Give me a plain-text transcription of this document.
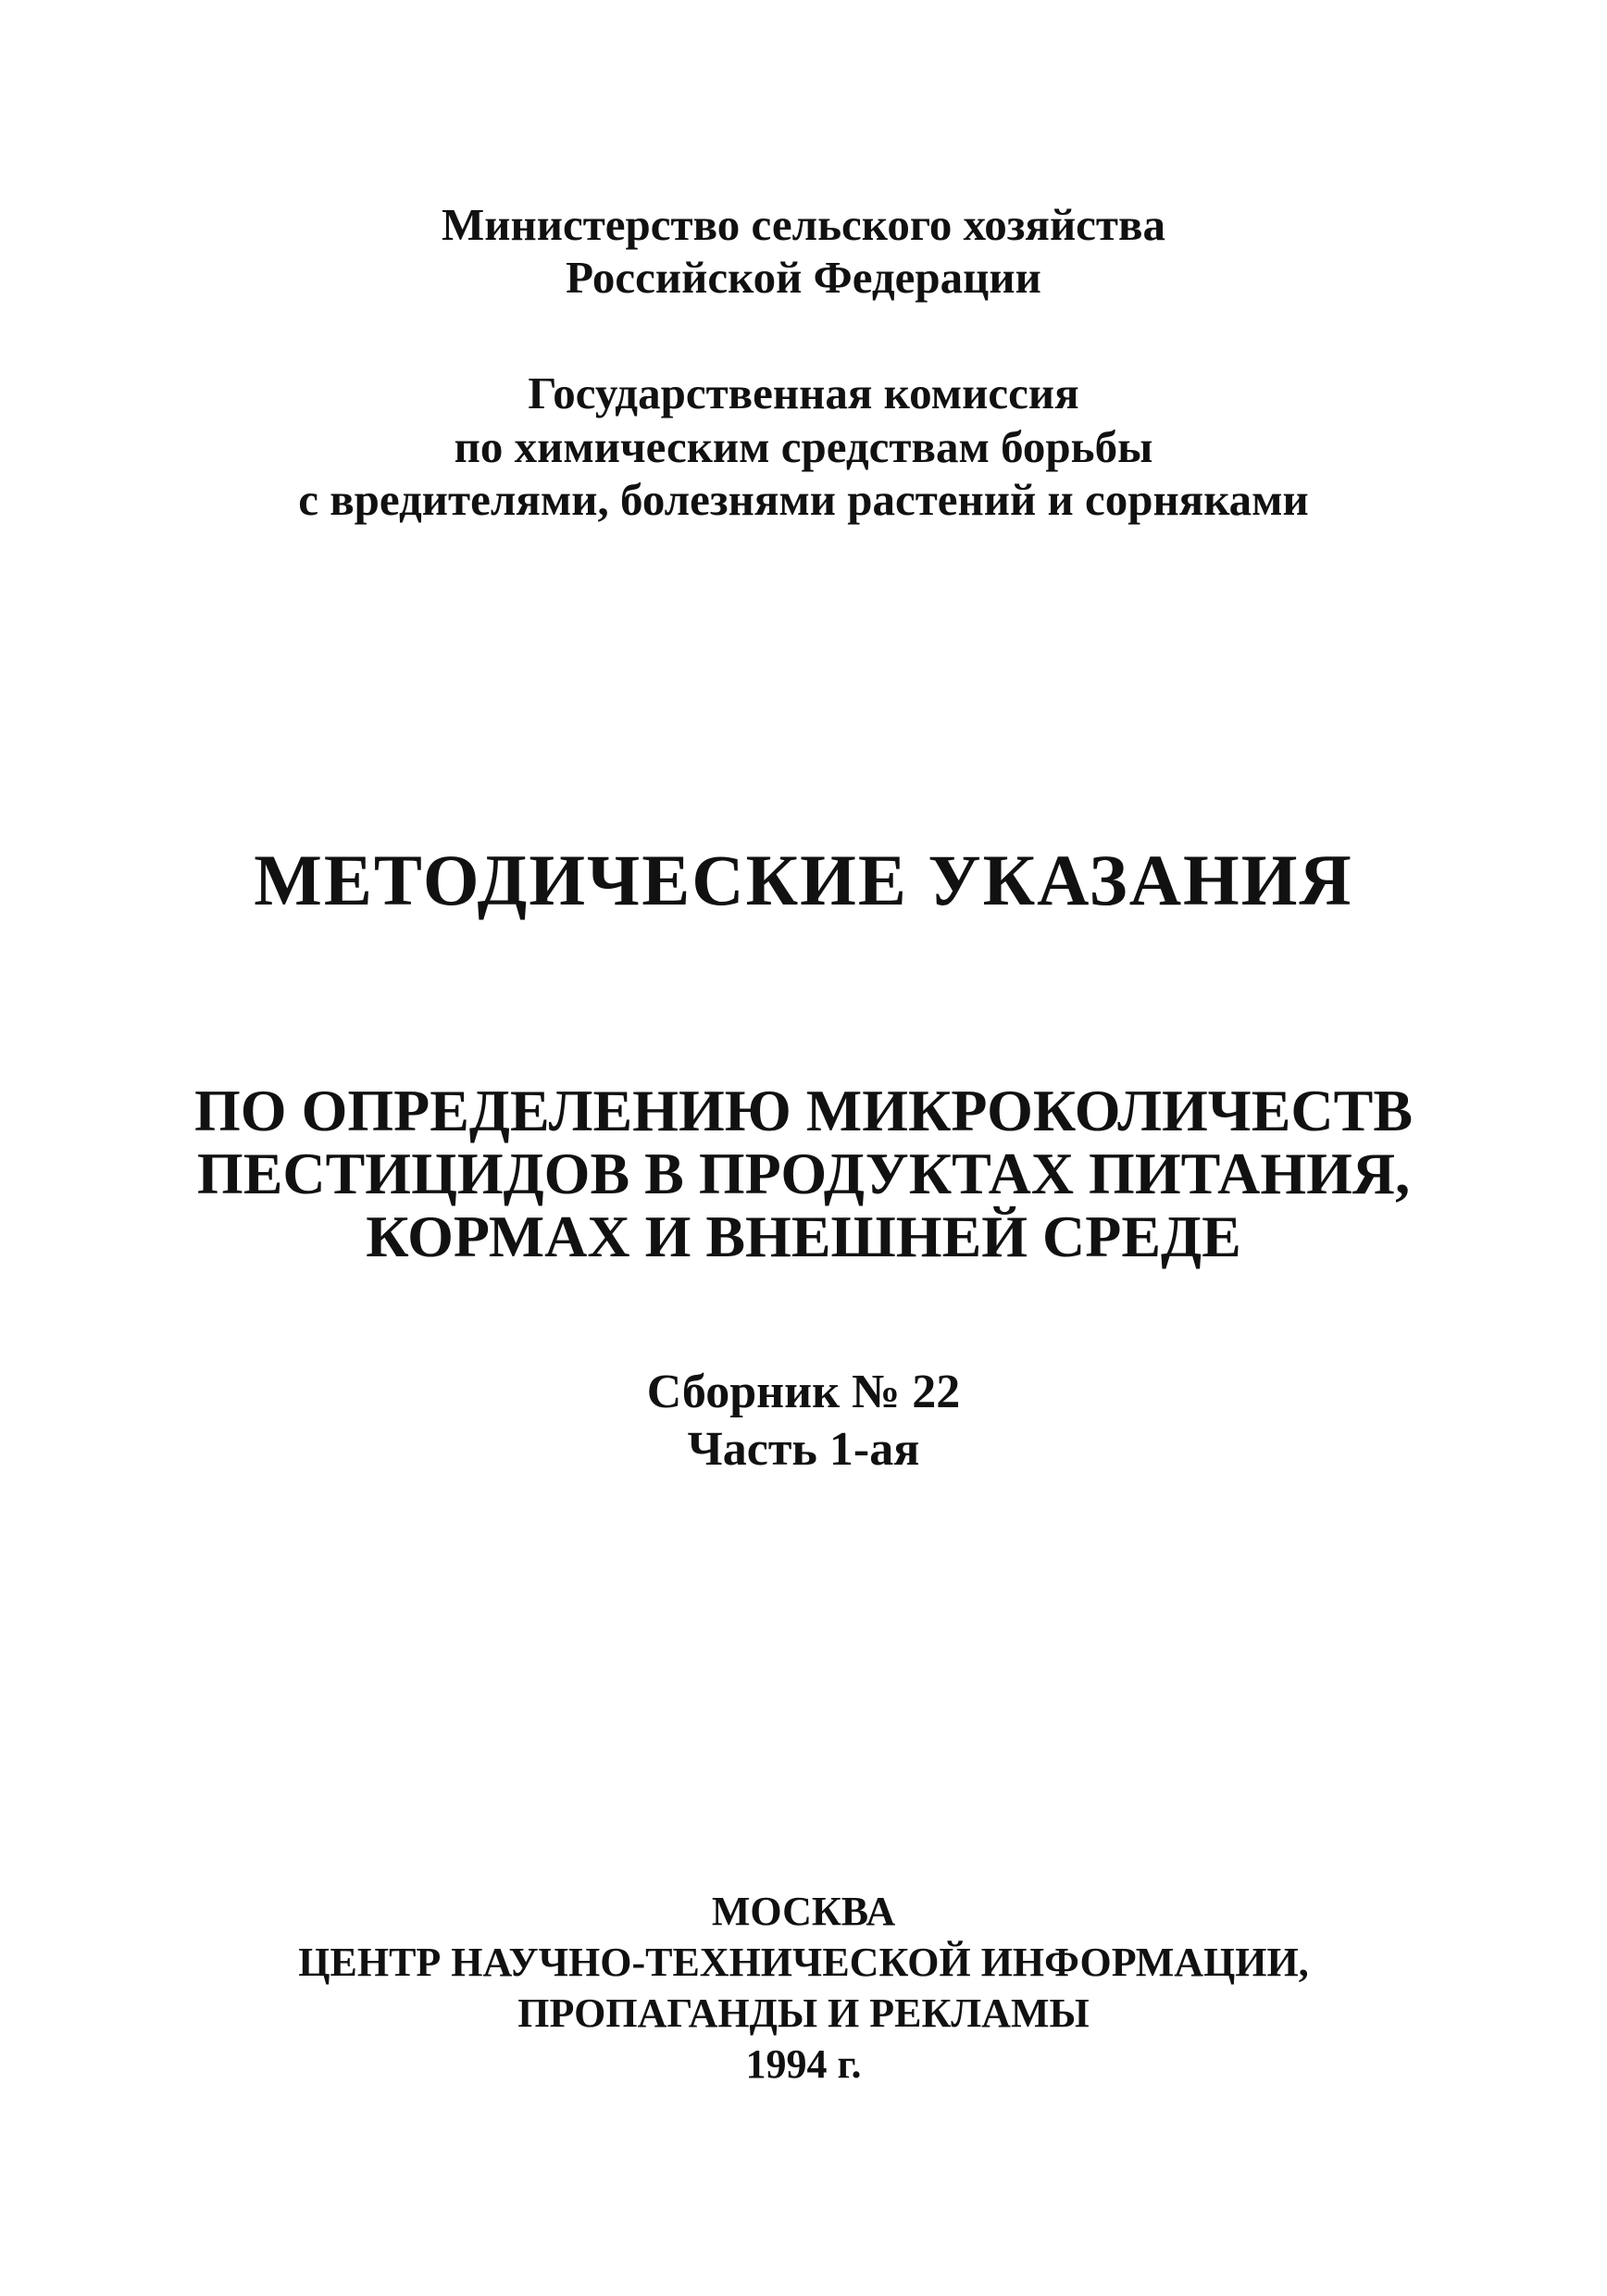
Министерство сельского хозяйства
Российской Федерации
Государственная комиссия
по химическим средствам борьбы
с вредителями, болезнями растений и сорняками
МЕТОДИЧЕСКИЕ УКАЗАНИЯ
ПО ОПРЕДЕЛЕНИЮ МИКРОКОЛИЧЕСТВ
ПЕСТИЦИДОВ В ПРОДУКТАХ ПИТАНИЯ,
КОРМАХ И ВНЕШНЕЙ СРЕДЕ
Сборник № 22
Часть 1-ая
МОСКВА
ЦЕНТР НАУЧНО-ТЕХНИЧЕСКОЙ ИНФОРМАЦИИ,
ПРОПАГАНДЫ И РЕКЛАМЫ
1994 г.
